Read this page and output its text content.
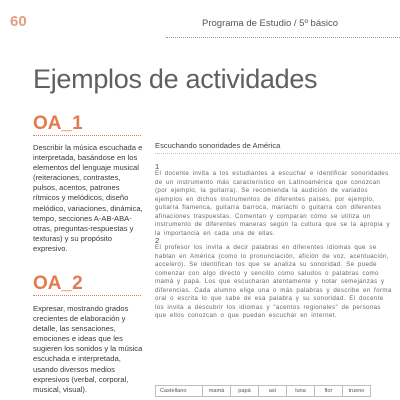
60	Programa de Estudio / 5º básico
Ejemplos de actividades
OA_1
Describir la música escuchada e interpretada, basándose en los elementos del lenguaje musical (reiteraciones, contrastes, pulsos, acentos, patrones rítmicos y melódicos, diseño melódico, variaciones, dinámica, tempo, secciones A-AB-ABA-otras, preguntas-respuestas y texturas) y su propósito expresivo.
OA_2
Expresar, mostrando grados crecientes de elaboración y detalle, las sensaciones, emociones e ideas que les sugieren los sonidos y la música escuchada e interpretada, usando diversos medios expresivos (verbal, corporal, musical, visual).
Escuchando sonoridades de América
1
El docente invita a los estudiantes a escuchar e identificar sonoridades de un instrumento más característico en Latinoamérica que conozcan (por ejemplo, la guitarra). Se recomienda la audición de variados ejemplos en dichos instrumentos de diferentes países, por ejemplo, guitarra flamenca, guitarra barroca, mariachi o guitarra con diferentes afinaciones traspuestas. Comentan y comparan cómo se utiliza un instrumento de diferentes maneras según la cultura que se la apropia y la importancia en cada una de ellas.
2
El profesor los invita a decir palabras en diferentes idiomas que se hablan en América (como lo pronunciación, afición de voz, acentuación, acceleró). Se identifican los que se analiza su sonoridad. Se puede comenzar con algo directo y sencillo como saludos o palabras como mamá y papá. Los que escucharan atentamente y notar semejanzas y diferencias. Cada alumno elige una o más palabras y describe en forma oral o escrita lo que sabe de esa palabra y su sonoridad. El docente los invita a descubrir los idiomas y "acentos regionales" de personas que ellos conozcan o que puedan escuchar en internet.
Castellano	mamá	papá	así	luna	flor	trueno
